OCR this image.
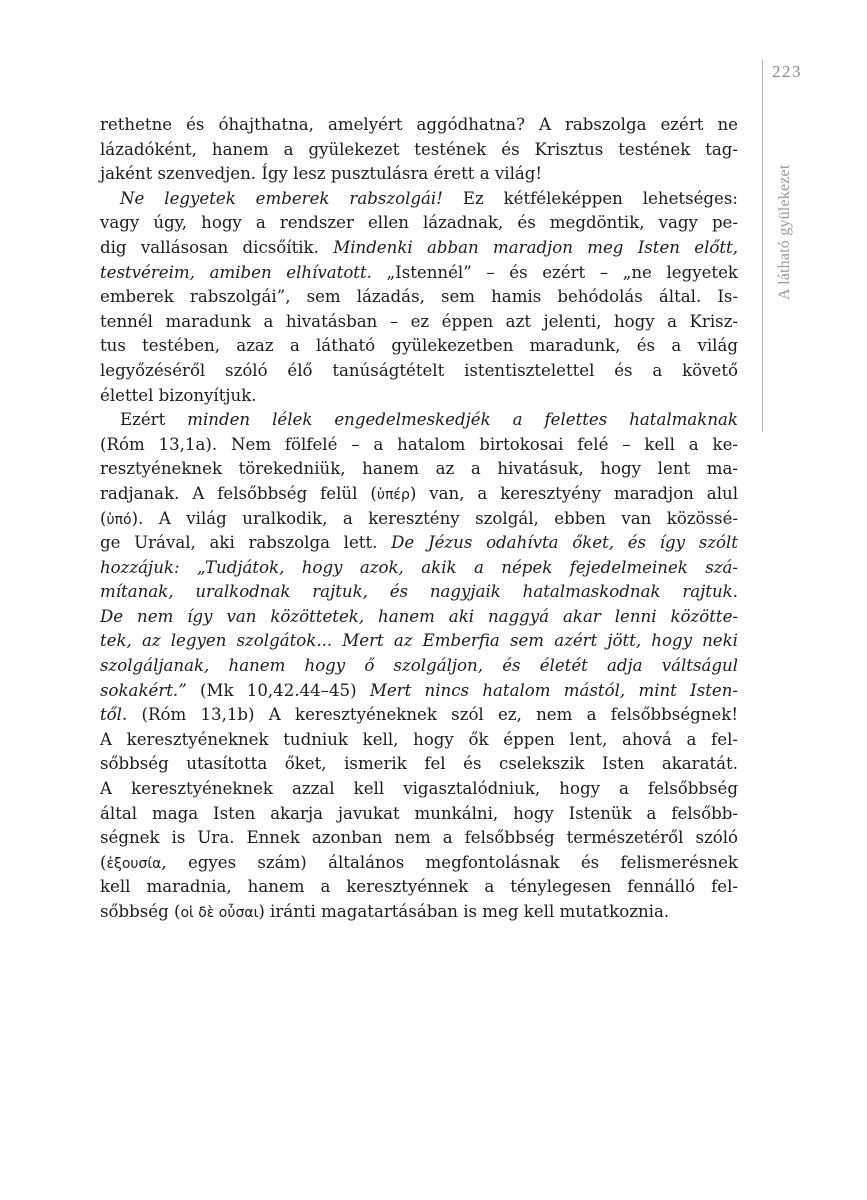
223
A látható gyülekezet
rethetne és óhajthatna, amelyért aggódhatna? A rabszolga ezért ne
lázadóként, hanem a gyülekezet testének és Krisztus testének tag-
jaként szenvedjen. Így lesz pusztulásra érett a világ!
Ne legyetek emberek rabszolgái! Ez kétféleképpen lehetséges:
vagy úgy, hogy a rendszer ellen lázadnak, és megdöntik, vagy pe-
dig vallásosan dicsőítik. Mindenki abban maradjon meg Isten előtt,
testvéreim, amiben elhívatott. „Istennél” – és ezért – „ne legyetek
emberek rabszolgái”, sem lázadás, sem hamis behódolás által. Is-
tennél maradunk a hivatásban – ez éppen azt jelenti, hogy a Krisz-
tus testében, azaz a látható gyülekezetben maradunk, és a világ
legyőzéséről szóló élő tanúságtételt istentisztelettel és a követő
élettel bizonyítjuk.
Ezért minden lélek engedelmeskedjék a felettes hatalmaknak
(Róm 13,1a). Nem fölfelé – a hatalom birtokosai felé – kell a ke-
resztyéneknek törekedniük, hanem az a hivatásuk, hogy lent ma-
radjanak. A felsőbbség felül (ὑπέρ) van, a keresztyény maradjon alul
(ὑπό). A világ uralkodik, a keresztény szolgál, ebben van közössé-
ge Urával, aki rabszolga lett. De Jézus odahívta őket, és így szólt
hozzájuk: „Tudjátok, hogy azok, akik a népek fejedelmeinek szá-
mítanak, uralkodnak rajtuk, és nagyjaik hatalmaskodnak rajtuk.
De nem így van közöttetek, hanem aki naggyá akar lenni közötte-
tek, az legyen szolgátok... Mert az Emberfia sem azért jött, hogy neki
szolgáljanak, hanem hogy ő szolgáljon, és életét adja váltságul
sokakért.” (Mk 10,42.44–45) Mert nincs hatalom mástól, mint Isten-
től. (Róm 13,1b) A keresztyéneknek szól ez, nem a felsőbbségnek!
A keresztyéneknek tudniuk kell, hogy ők éppen lent, ahová a fel-
sőbbség utasította őket, ismerik fel és cselekszik Isten akaratát.
A keresztyéneknek azzal kell vigasztalódniuk, hogy a felsőbbség
által maga Isten akarja javukat munkálni, hogy Istenük a felsőbb-
ségnek is Ura. Ennek azonban nem a felsőbbség természetéről szóló
(ἐξουσία, egyes szám) általános megfontolásnak és felismerésnek
kell maradnia, hanem a keresztyénnek a ténylegesen fennálló fel-
sőbbség (οἱ δὲ οὖσαι) iránti magatartásában is meg kell mutatkoznia.
